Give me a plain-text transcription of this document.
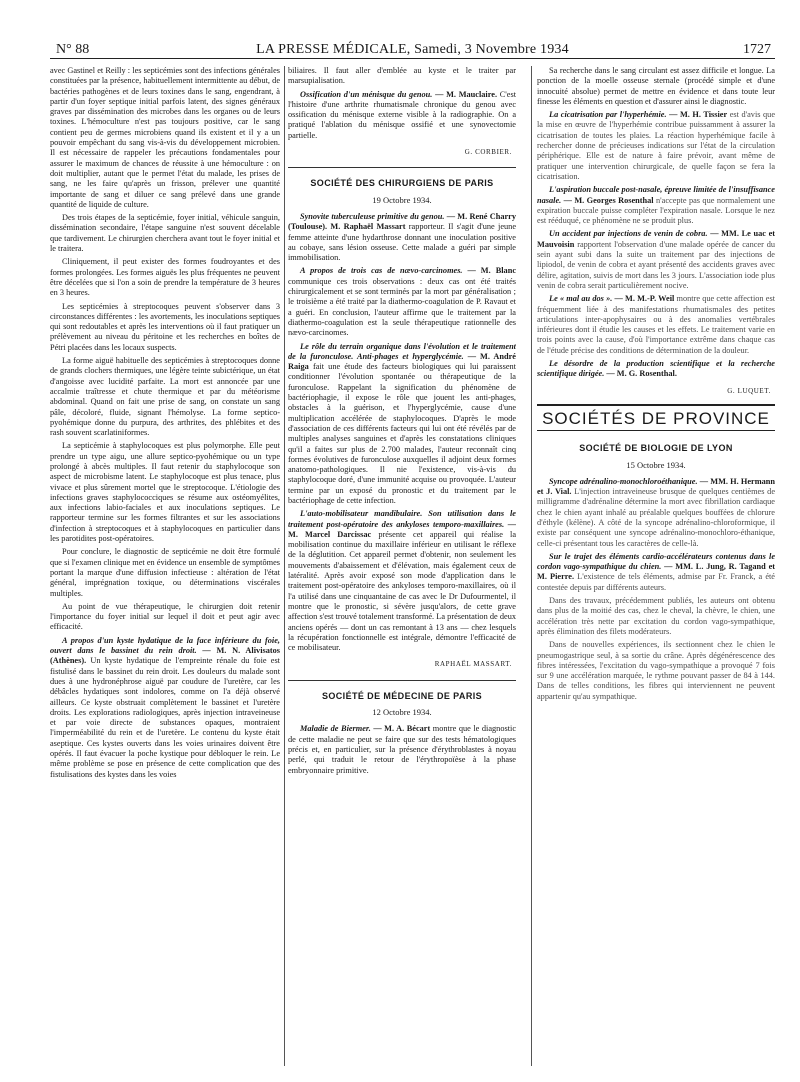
N° 88	LA PRESSE MÉDICALE, Samedi, 3 Novembre 1934	1727

avec Gastinel et Reilly : les septicémies sont des infections générales constituées par la présence, habituellement intermittente au début, de bactéries pathogènes et de leurs toxines dans le sang, engendrant, à partir d'un foyer septique initial parfois latent, des signes généraux graves par dissémination des microbes dans les organes ou de leurs toxines. L'hémoculture n'est pas toujours positive, car le sang contient peu de germes microbiens quand ils existent et il y a un pouvoir empêchant du sang vis-à-vis du développement microbien. Il est nécessaire de rappeler les précautions fondamentales pour assurer le maximum de chances de réussite à une hémoculture : on doit multiplier, autant que le permet l'état du malade, les prises de sang, ne les faire qu'après un frisson, prélever une quantité importante de sang et diluer ce sang prélevé dans une grande quantité de liquide de culture.

Des trois étapes de la septicémie, foyer initial, véhicule sanguin, dissémination secondaire, l'étape sanguine n'est souvent décelable que tardivement. Le chirurgien cherchera avant tout le foyer initial et le traitera.

Cliniquement, il peut exister des formes foudroyantes et des formes prolongées. Les formes aiguës les plus fréquentes ne peuvent être décelées que si l'on a soin de prendre la température de 3 heures en 3 heures.

Les septicémies à streptocoques peuvent s'observer dans 3 circonstances différentes : les avortements, les inoculations septiques qui sont redoutables et après les interventions où il faut pratiquer un prélèvement au niveau du péritoine et les recherches en boîtes de Pétri placées dans les locaux suspects.

La forme aiguë habituelle des septicémies à streptocoques donne de grands clochers thermiques, une légère teinte subictérique, un état d'angoisse avec lucidité parfaite. La mort est annoncée par une accalmie traîtresse et chute thermique et par du météorisme abdominal. Quand on fait une prise de sang, on constate un sang pâle, décoloré, fluide, signant l'hémolyse. La forme septico-pyohémique donne du purpura, des arthrites, des phlébites et des rash souvent scarlatiniformes.

La septicémie à staphylocoques est plus polymorphe. Elle peut prendre un type aigu, une allure septico-pyohémique ou un type prolongé à abcès multiples. Il faut retenir du staphylocoque son aspect de microbisme latent. Le staphylocoque est plus tenace, plus vivace et plus sûrement mortel que le streptocoque. L'étiologie des infections graves staphylococciques se résume aux ostéomyélites, aux infections labio-faciales et aux inoculations septiques. Le rapporteur termine sur les formes filtrantes et sur les associations d'infection à streptocoques et à staphylocoques en particulier dans les parotidites post-opératoires.

Pour conclure, le diagnostic de septicémie ne doit être formulé que si l'examen clinique met en évidence un ensemble de symptômes portant la marque d'une diffusion infectieuse : altération de l'état général, imprégnation toxique, ou déterminations viscérales multiples.

Au point de vue thérapeutique, le chirurgien doit retenir l'importance du foyer initial sur lequel il doit et peut agir avec efficacité.

A propos d'un kyste hydatique de la face inférieure du foie, ouvert dans le bassinet du rein droit. — M. N. Alivisatos (Athènes). Un kyste hydatique de l'empreinte rénale du foie est fistulisé dans le bassinet du rein droit. Les douleurs du malade sont dues à une hydronéphrose aiguë par coudure de l'uretère, car les débâcles hydatiques sont indolores, comme on l'a déjà observé ailleurs. Ce kyste obstruait complètement le bassinet et l'uretère droits. Les explorations radiologiques, après injection intraveineuse et par voie directe de substances opaques, montraient l'imperméabilité du rein et de l'uretère. Le contenu du kyste était aseptique. Ces kystes ouverts dans les voies urinaires doivent être opérés. Il faut évacuer la poche kystique pour débloquer le rein. Le même problème se pose en présence de cette complication que des fistulisations des kystes dans les voies

biliaires. Il faut aller d'emblée au kyste et le traiter par marsupialisation.

Ossification d'un ménisque du genou. — M. Mauclaire. C'est l'histoire d'une arthrite rhumatismale chronique du genou avec ossification du ménisque externe visible à la radiographie. On a pratiqué l'ablation du ménisque ossifié et une synovectomie partielle.

G. CORBIER.
SOCIÉTÉ DES CHIRURGIENS DE PARIS
19 Octobre 1934.

Synovite tuberculeuse primitive du genou. — M. René Charry (Toulouse). M. Raphaël Massart rapporteur. Il s'agit d'une jeune femme atteinte d'une hydarthrose donnant une inoculation positive au cobaye, sans lésion osseuse. Cette malade a guéri par simple immobilisation.

A propos de trois cas de nævo-carcinomes. — M. Blanc communique ces trois observations : deux cas ont été traités chirurgicalement et se sont terminés par la mort par généralisation ; le troisième a été traité par la diathermo-coagulation de P. Ravaut et a guéri. En conclusion, l'auteur affirme que le traitement par la diathermo-coagulation est la seule thérapeutique rationnelle des nævo-carcinomes.

Le rôle du terrain organique dans l'évolution et le traitement de la furonculose. Anti-phages et hyperglycémie. — M. André Raiga fait une étude des facteurs biologiques qui lui paraissent conditionner l'évolution spontanée ou thérapeutique de la furonculose. Rappelant la signification du phénomène de bactériophagie, il expose le rôle que jouent les anti-phages, obstacles à la guérison, et l'hyperglycémie, cause d'une multiplication accélérée de staphylocoques. D'après le mode d'association de ces différents facteurs qui lui ont été révélés par de multiples analyses sanguines et d'après les constatations cliniques qu'il a faites sur plus de 2.700 malades, l'auteur reconnaît cinq formes évolutives de furonculose auxquelles il adjoint deux formes anatomo-pathologiques. Il nie l'existence, vis-à-vis du staphylocoque doré, d'une immunité acquise ou provoquée. L'auteur termine par un exposé du pronostic et du traitement par le bactériophage de cette infection.

L'auto-mobilisateur mandibulaire. Son utilisation dans le traitement post-opératoire des ankyloses temporo-maxillaires. — M. Marcel Darcissac présente cet appareil qui réalise la mobilisation continue du maxillaire inférieur en utilisant le réflexe de la déglutition. Cet appareil permet d'obtenir, non seulement les mouvements d'abaissement et d'élévation, mais également ceux de latéralité. Après avoir exposé son mode d'application dans le traitement post-opératoire des ankyloses temporo-maxillaires, où il l'a utilisé dans une cinquantaine de cas avec le Dr Dufourmentel, il montre que le pronostic, si sévère jusqu'alors, de cette grave affection s'est trouvé totalement transformé. La présentation de deux anciens opérés — dont un cas remontant à 13 ans — chez lesquels la récupération fonctionnelle est intégrale, démontre l'efficacité de ce mobilisateur.

RAPHAËL MASSART.
SOCIÉTÉ DE MÉDECINE DE PARIS
12 Octobre 1934.

Maladie de Biermer. — M. A. Bécart montre que le diagnostic de cette maladie ne peut se faire que sur des tests hématologiques précis et, en particulier, sur la présence d'érythroblastes à noyau perlé, qui traduit le retour de l'érythropoïèse à la phase embryonnaire primitive.

Sa recherche dans le sang circulant est assez difficile et longue. La ponction de la moelle osseuse sternale (procédé simple et d'une innocuité absolue) permet de mettre en évidence et dans toute leur finesse les éléments en question et d'assurer ainsi le diagnostic.

La cicatrisation par l'hyperhémie. — M. H. Tissier est d'avis que la mise en œuvre de l'hyperhémie contribue puissamment à assurer la cicatrisation de toutes les plaies. La réaction hyperhémique facile à rechercher donne de précieuses indications sur l'état de la circulation périphérique. Elle est de nature à faire prévoir, avant même de pratiquer une intervention chirurgicale, de quelle façon se fera la cicatrisation.

L'aspiration buccale post-nasale, épreuve limitée de l'insuffisance nasale. — M. Georges Rosenthal n'accepte pas que normalement une expiration buccale puisse compléter l'expiration nasale. Lorsque le nez est rééduqué, ce phénomène ne se produit plus.

Un accident par injections de venin de cobra. — MM. Le uac et Mauvoisin rapportent l'observation d'une malade opérée de cancer du sein ayant subi dans la suite un traitement par des injections de lipiodol, de venin de cobra et ayant présenté des accidents graves avec délire, agitation, suivis de mort dans les 3 jours. L'association iode plus venin de cobra serait particulièrement nocive.

Le « mal au dos ». — M. M.-P. Weil montre que cette affection est fréquemment liée à des manifestations rhumatismales des petites articulations inter-apophysaires ou à des anomalies vertébrales inférieures dont il étudie les causes et les effets. Le traitement varie en trois points avec la cause, d'où l'importance extrême dans chaque cas de l'étude précise des conditions de détermination de la douleur.

Le désordre de la production scientifique et la recherche scientifique dirigée. — M. G. Rosenthal.

G. LUQUET.
SOCIÉTÉS DE PROVINCE
SOCIÉTÉ DE BIOLOGIE DE LYON
15 Octobre 1934.

Syncope adrénalino-monochloroéthanique. — MM. H. Hermann et J. Vial. L'injection intraveineuse brusque de quelques centièmes de milligramme d'adrénaline détermine la mort avec fibrillation cardiaque chez le chien ayant inhalé au préalable quelques bouffées de chlorure d'éthyle (kélène). A côté de la syncope adrénalino-chloroformique, il existe par conséquent une syncope adrénalino-monochloro-éthanique, celle-ci présentant tous les caractères de celle-là.

Sur le trajet des éléments cardio-accélérateurs contenus dans le cordon vago-sympathique du chien. — MM. L. Jung, R. Tagand et M. Pierre. L'existence de tels éléments, admise par Fr. Franck, a été contestée depuis par différents auteurs.

Dans des travaux, précédemment publiés, les auteurs ont obtenu dans plus de la moitié des cas, chez le cheval, la chèvre, le chien, une accélération très nette par excitation du cordon vago-sympathique, après élimination des filets modérateurs.

Dans de nouvelles expériences, ils sectionnent chez le chien le pneumogastrique seul, à sa sortie du crâne. Après dégénérescence des fibres intéressées, l'excitation du vago-sympathique a provoqué 7 fois sur 9 une accélération marquée, le rythme pouvant passer de 84 à 144. Dans de telles conditions, les fibres qui interviennent ne peuvent appartenir qu'au sympathique.
